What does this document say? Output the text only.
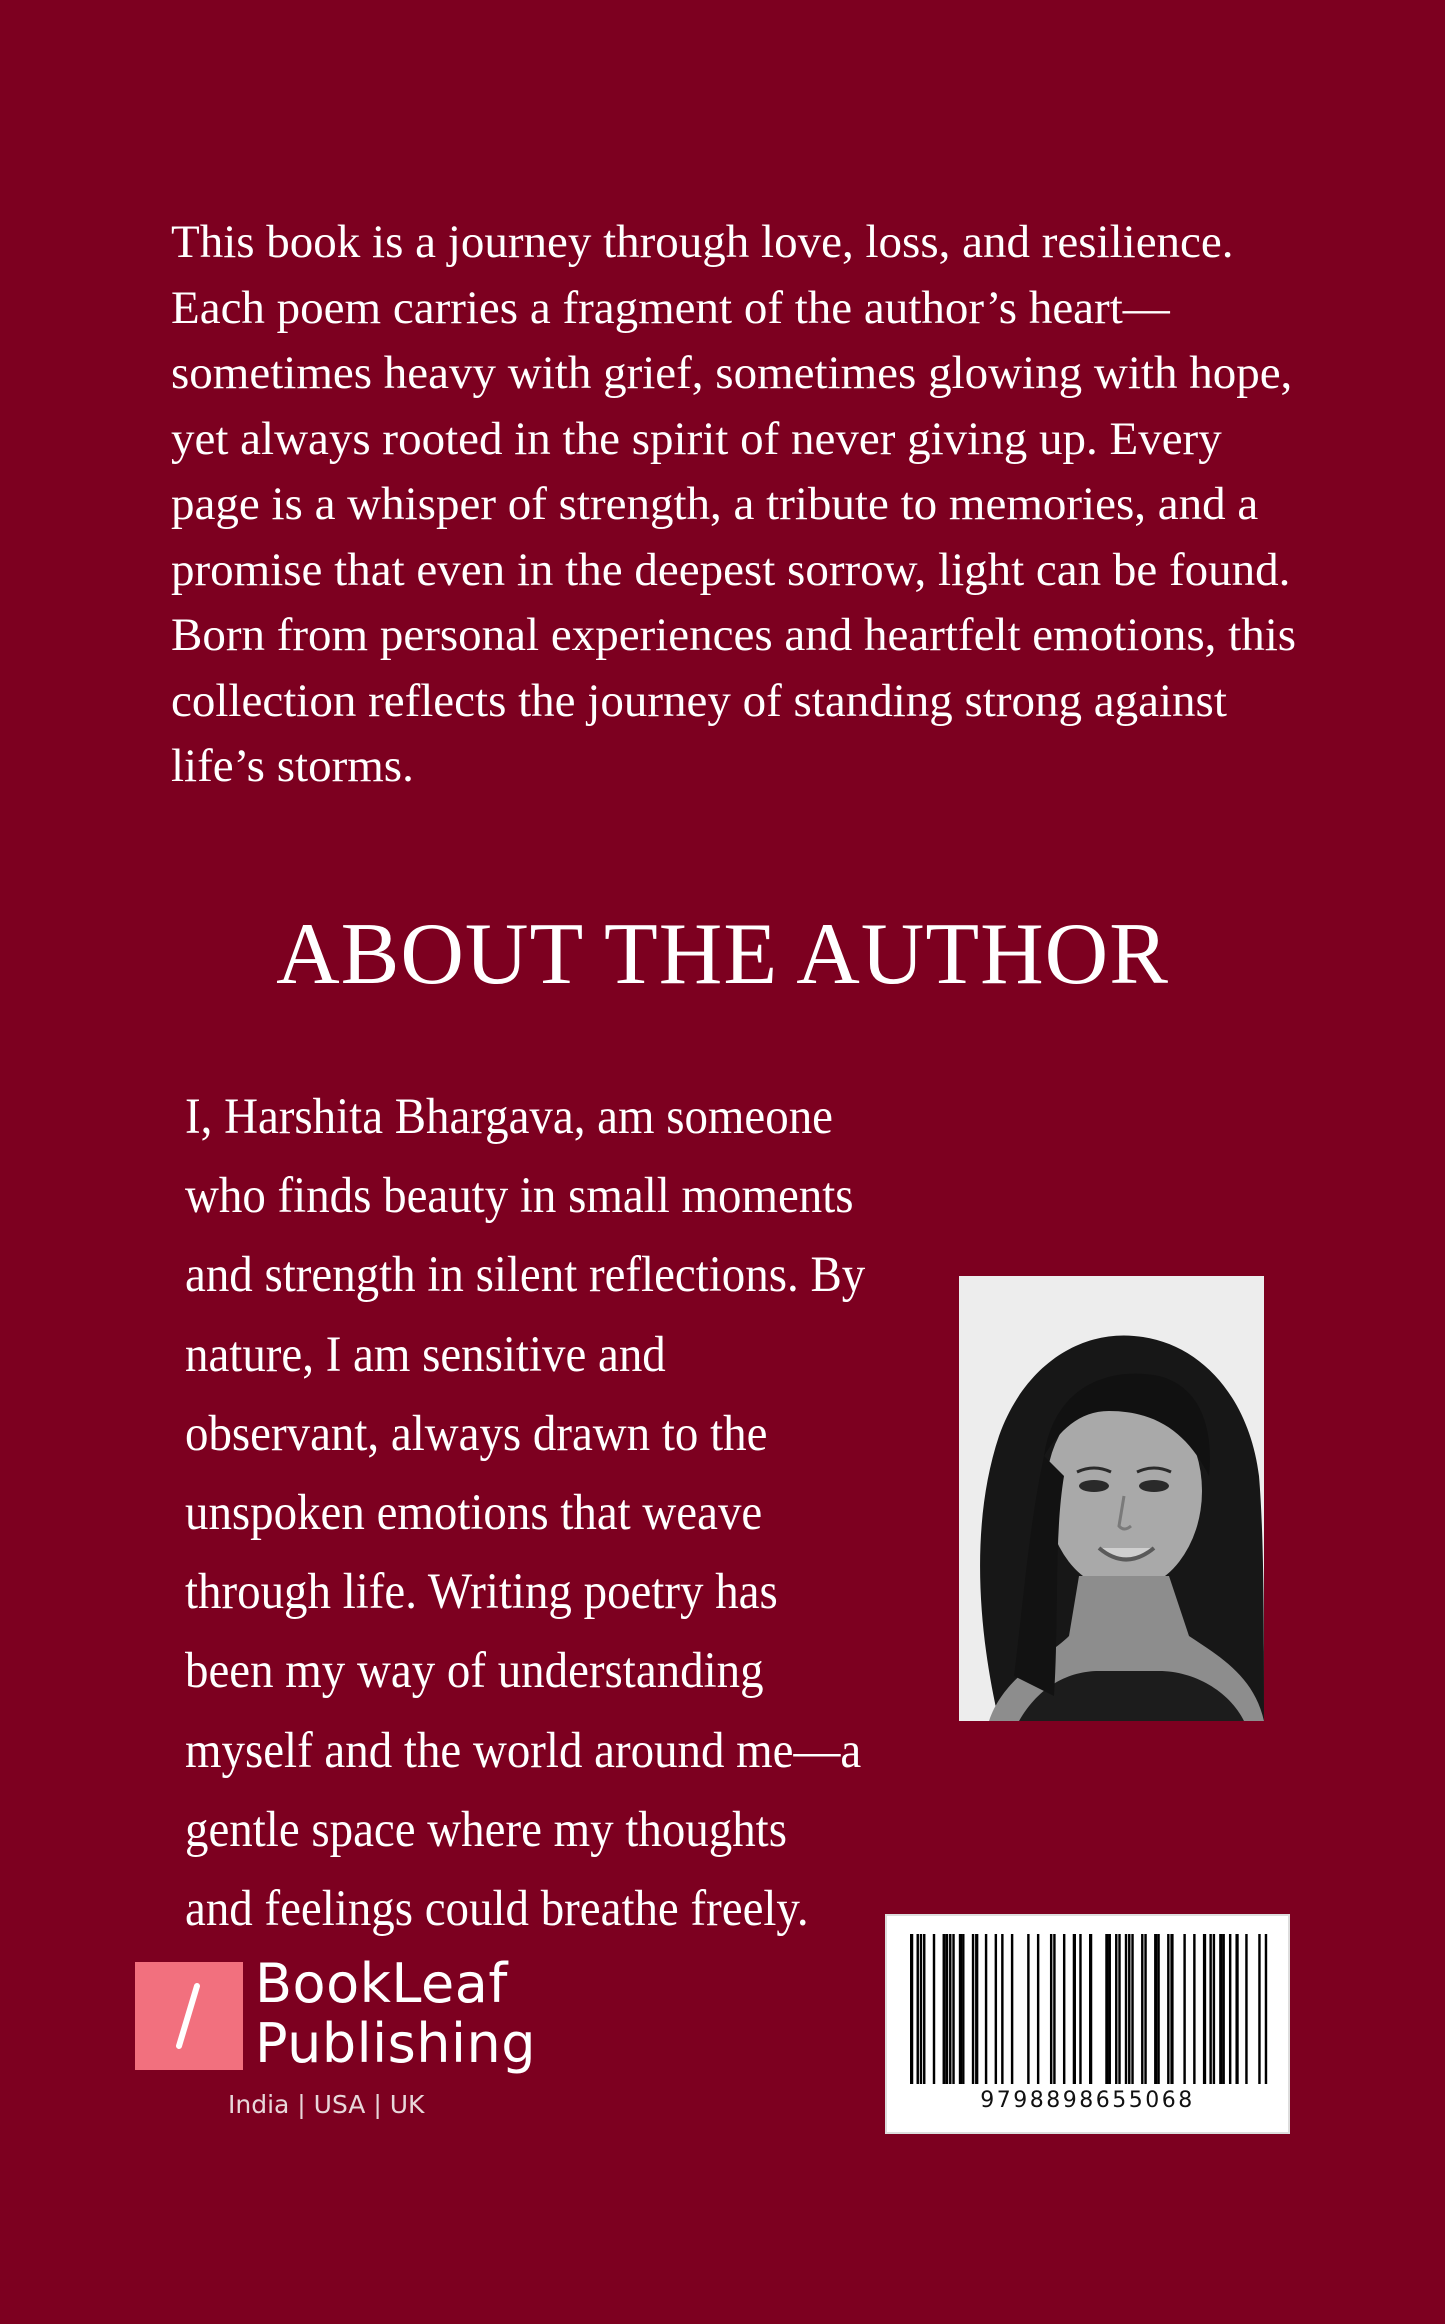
This book is a journey through love, loss, and resilience. Each poem carries a fragment of the author’s heart—sometimes heavy with grief, sometimes glowing with hope, yet always rooted in the spirit of never giving up. Every page is a whisper of strength, a tribute to memories, and a promise that even in the deepest sorrow, light can be found. Born from personal experiences and heartfelt emotions, this collection reflects the journey of standing strong against life’s storms.

ABOUT THE AUTHOR

I, Harshita Bhargava, am someone who finds beauty in small moments and strength in silent reflections. By nature, I am sensitive and observant, always drawn to the unspoken emotions that weave through life. Writing poetry has been my way of understanding myself and the world around me—a gentle space where my thoughts and feelings could breathe freely.

BookLeaf
Publishing
India | USA | UK	9798898655068
